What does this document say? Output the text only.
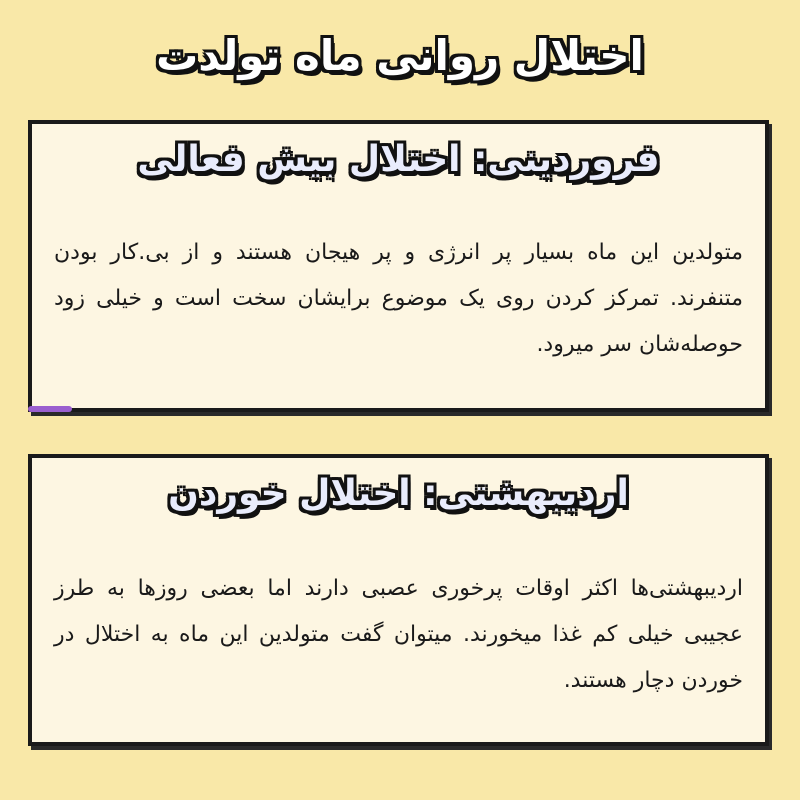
اختلال روانی ماه تولدت
فروردینی: اختلال بیش فعالی
متولدین این ماه بسیار پر انرژی و پر هیجان هستند و از بی.کار بودن متنفرند. تمرکز کردن روی یک موضوع برایشان سخت است و خیلی زود حوصله‌شان سر میرود.
اردیبهشتی: اختلال خوردن
اردیبهشتی‌ها اکثر اوقات پرخوری عصبی دارند اما بعضی روزها به طرز عجیبی خیلی کم غذا میخورند. میتوان گفت متولدین این ماه به اختلال در خوردن دچار هستند.
